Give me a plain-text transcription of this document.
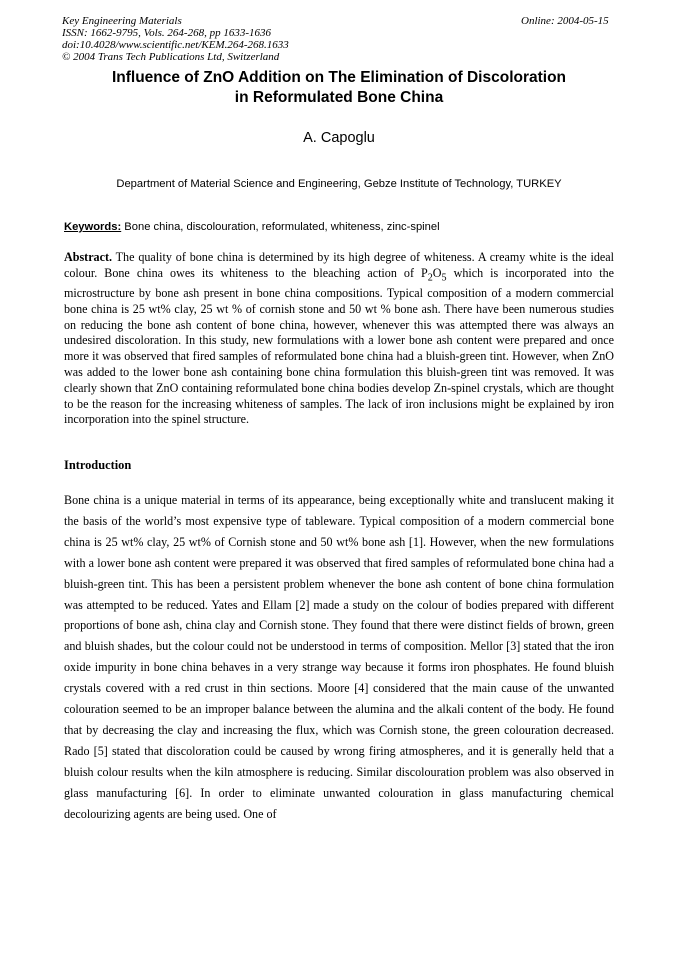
Key Engineering Materials
ISSN: 1662-9795, Vols. 264-268, pp 1633-1636
doi:10.4028/www.scientific.net/KEM.264-268.1633
© 2004 Trans Tech Publications Ltd, Switzerland
Online: 2004-05-15
Influence of ZnO Addition on The Elimination of Discoloration
in Reformulated Bone China
A. Capoglu
Department of Material Science and Engineering, Gebze Institute of Technology, TURKEY
Keywords: Bone china, discolouration, reformulated, whiteness, zinc-spinel

Abstract. The quality of bone china is determined by its high degree of whiteness. A creamy white is the ideal colour. Bone china owes its whiteness to the bleaching action of $P_2O_5$ which is incorporated into the microstructure by bone ash present in bone china compositions. Typical composition of a modern commercial bone china is 25 wt% clay, 25 wt % of cornish stone and 50 wt % bone ash. There have been numerous studies on reducing the bone ash content of bone china, however, whenever this was attempted there was always an undesired discoloration. In this study, new formulations with a lower bone ash content were prepared and once more it was observed that fired samples of reformulated bone china had a bluish-green tint. However, when ZnO was added to the lower bone ash containing bone china formulation this bluish-green tint was removed. It was clearly shown that ZnO containing reformulated bone china bodies develop Zn-spinel crystals, which are thought to be the reason for the increasing whiteness of samples. The lack of iron inclusions might be explained by iron incorporation into the spinel structure.

Introduction

Bone china is a unique material in terms of its appearance, being exceptionally white and translucent making it the basis of the world’s most expensive type of tableware. Typical composition of a modern commercial bone china is 25 wt% clay, 25 wt% of Cornish stone and 50 wt% bone ash [1]. However, when the new formulations with a lower bone ash content were prepared it was observed that fired samples of reformulated bone china had a bluish-green tint. This has been a persistent problem whenever the bone ash content of bone china formulation was attempted to be reduced. Yates and Ellam [2] made a study on the colour of bodies prepared with different proportions of bone ash, china clay and Cornish stone. They found that there were distinct fields of brown, green and bluish shades, but the colour could not be understood in terms of composition. Mellor [3] stated that the iron oxide impurity in bone china behaves in a very strange way because it forms iron phosphates. He found bluish crystals covered with a red crust in thin sections. Moore [4] considered that the main cause of the unwanted colouration seemed to be an improper balance between the alumina and the alkali content of the body. He found that by decreasing the clay and increasing the flux, which was Cornish stone, the green colouration decreased. Rado [5] stated that discoloration could be caused by wrong firing atmospheres, and it is generally held that a bluish colour results when the kiln atmosphere is reducing. Similar discolouration problem was also observed in glass manufacturing [6]. In order to eliminate unwanted colouration in glass manufacturing chemical decolourizing agents are being used. One of
